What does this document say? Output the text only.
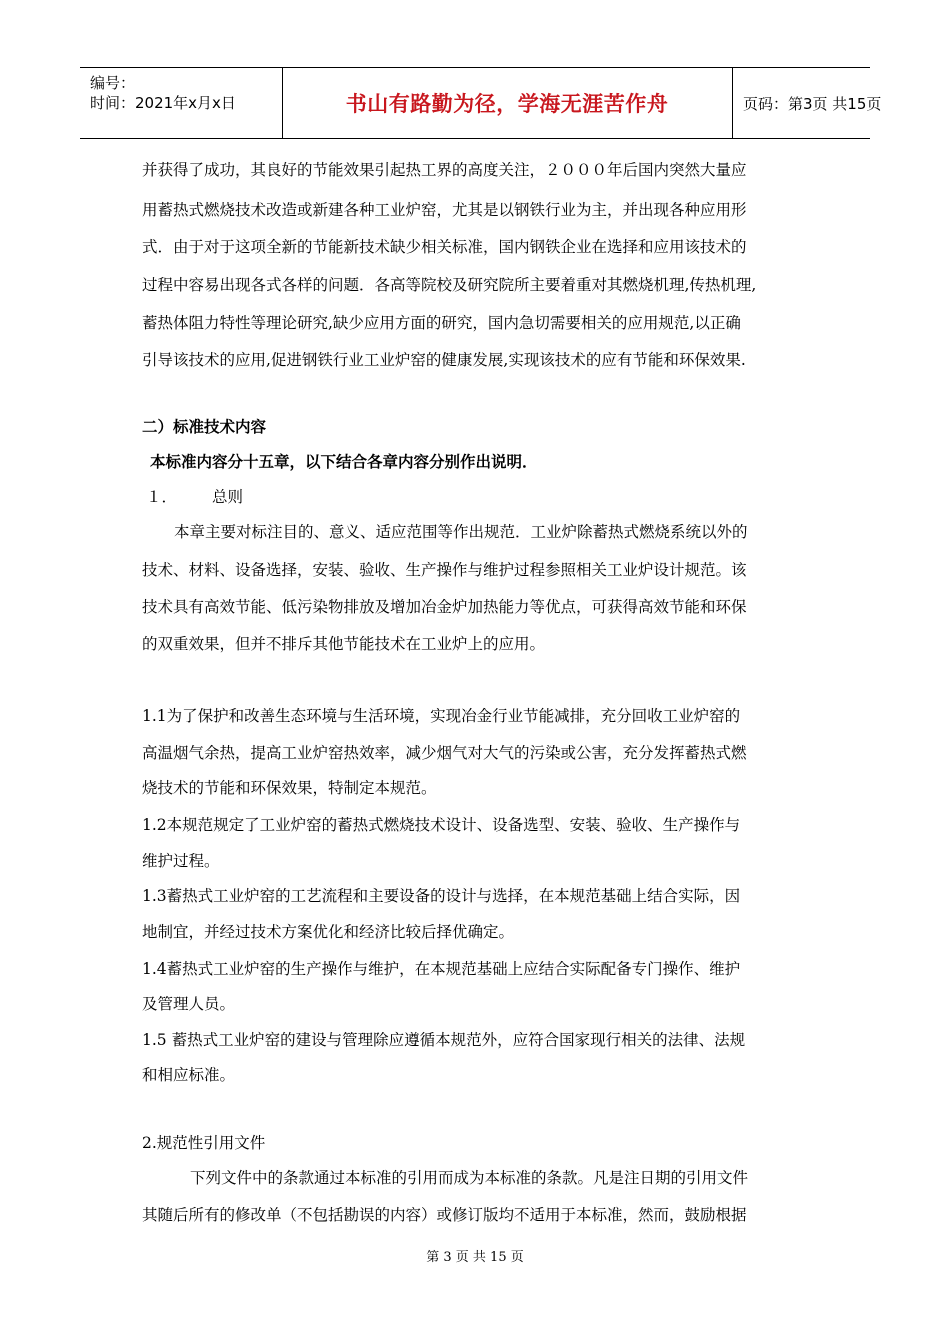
编号：
时间：2021年x月x日	书山有路勤为径，学海无涯苦作舟	页码：第3页 共15页
并获得了成功，其良好的节能效果引起热工界的高度关注，２０００年后国内突然大量应
用蓄热式燃烧技术改造或新建各种工业炉窑，尤其是以钢铁行业为主，并出现各种应用形
式．由于对于这项全新的节能新技术缺少相关标准，国内钢铁企业在选择和应用该技术的
过程中容易出现各式各样的问题．各高等院校及研究院所主要着重对其燃烧机理,传热机理,
蓄热体阻力特性等理论研究,缺少应用方面的研究，国内急切需要相关的应用规范,以正确
引导该技术的应用,促进钢铁行业工业炉窑的健康发展,实现该技术的应有节能和环保效果.
二）标准技术内容
本标准内容分十五章，以下结合各章内容分别作出说明．
１． 总则
本章主要对标注目的、意义、适应范围等作出规范．工业炉除蓄热式燃烧系统以外的
技术、材料、设备选择，安装、验收、生产操作与维护过程参照相关工业炉设计规范。该
技术具有高效节能、低污染物排放及增加冶金炉加热能力等优点，可获得高效节能和环保
的双重效果，但并不排斥其他节能技术在工业炉上的应用。
1.1为了保护和改善生态环境与生活环境，实现冶金行业节能减排，充分回收工业炉窑的
高温烟气余热，提高工业炉窑热效率，减少烟气对大气的污染或公害，充分发挥蓄热式燃
烧技术的节能和环保效果，特制定本规范。
1.2本规范规定了工业炉窑的蓄热式燃烧技术设计、设备选型、安装、验收、生产操作与
维护过程。
1.3蓄热式工业炉窑的工艺流程和主要设备的设计与选择，在本规范基础上结合实际，因
地制宜，并经过技术方案优化和经济比较后择优确定。
1.4蓄热式工业炉窑的生产操作与维护，在本规范基础上应结合实际配备专门操作、维护
及管理人员。
1.5 蓄热式工业炉窑的建设与管理除应遵循本规范外，应符合国家现行相关的法律、法规
和相应标准。
2.规范性引用文件
下列文件中的条款通过本标准的引用而成为本标准的条款。凡是注日期的引用文件
其随后所有的修改单（不包括勘误的内容）或修订版均不适用于本标准，然而，鼓励根据
第 3 页 共 15 页
